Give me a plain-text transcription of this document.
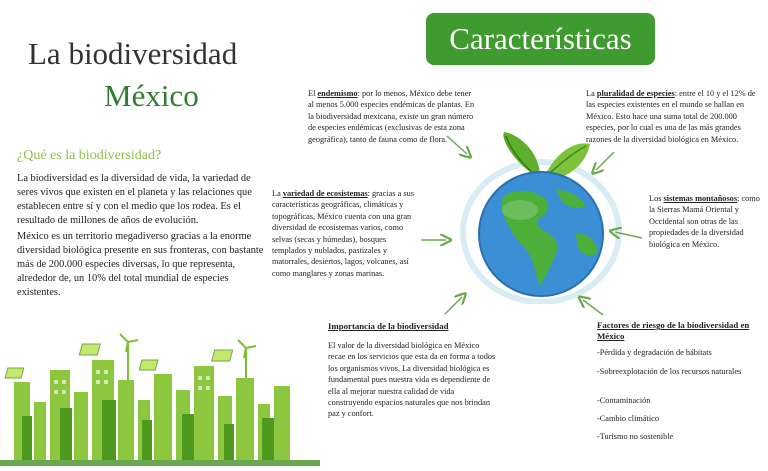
La biodiversidad
México
Características
¿Qué es la biodiversidad?
La biodiversidad es la diversidad de vida, la variedad de seres vivos que existen en el planeta y las relaciones que establecen entre sí y con el medio que los rodea. Es el resultado de millones de años de evolución.
México es un territorio megadiverso gracias a la enorme diversidad biológica presente en sus fronteras, con bastante más de 200.000 especies diversas, lo que representa, alrededor de, un 10% del total mundial de especies existentes.
El endemismo: por lo menos, México debe tener al menos 5.000 especies endémicas de plantas. En la biodiversidad mexicana, existe un gran número de especies endémicas (exclusivas de esta zona geográfica), tanto de fauna como de flora.
La pluralidad de especies: entre el 10 y el 12% de las especies existentes en el mundo se hallan en México. Esto hace una suma total de 200.000 especies, por lo cual es una de las más grandes razones de la diversidad biológica en México.
La variedad de ecosistemas: gracias a sus características geográficas, climáticas y topográficas, México cuenta con una gran diversidad de ecosistemas varios, como selvas (secas y húmedas), bosques templados y nublados, pastizales y matorrales, desiertos, lagos, volcanes, así como manglares y zonas marinas.
Los sistemas montañosos: como la Sierras Mamá Oriental y Occidental son otras de las propiedades de la diversidad biológica en México.
Importancia de la biodiversidad
El valor de la diversidad biológica en México recae en los servicios que esta da en forma a todos los organismos vivos. La diversidad biológica es fundamental pues nuestra vida es dependiente de ella al mejorar nuestra calidad de vida construyendo espacios naturales que nos brindan paz y confort.
Factores de riesgo de la biodiversidad en México
-Pérdida y degradación de hábitats
-Sobreexplotación de los recursos naturales
-Contaminación
-Cambio climático
-Turismo no sostenible
